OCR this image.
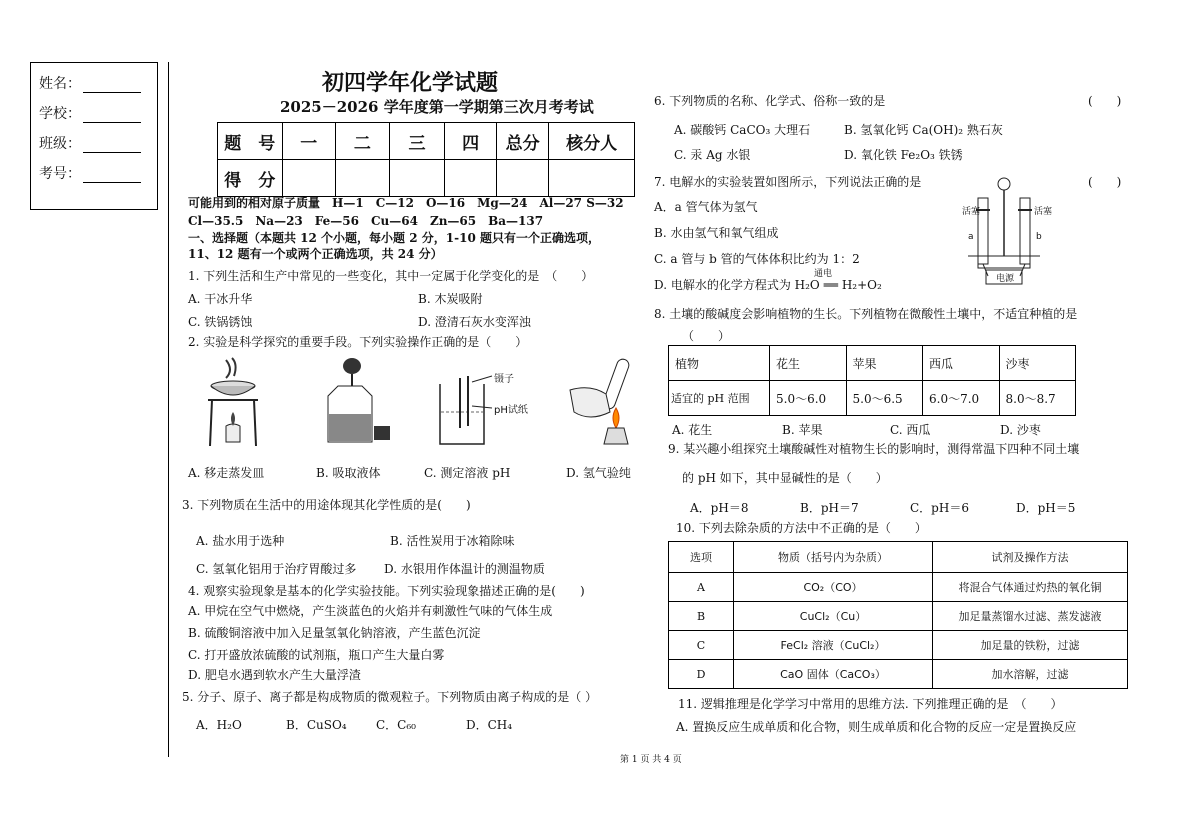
姓名：
学校：
班级：
考号：
初四学年化学试题
2025－2026 学年度第一学期第三次月考考试
题　号	一	二	三	四	总分	核分人
得　分						
可能用到的相对原子质量　H—1　C—12　O—16　Mg—24　Al—27 S—32
Cl—35.5　Na—23　Fe—56　Cu—64　Zn—65　Ba—137
一、选择题（本题共 12 个小题，每小题 2 分，1-10 题只有一个正确选项，
11、12 题有一个或两个正确选项，共 24 分）
1. 下列生活和生产中常见的一些变化，其中一定属于化学变化的是　（　　）
A. 干冰升华	B. 木炭吸附
C. 铁锅锈蚀	D. 澄清石灰水变浑浊
2. 实验是科学探究的重要手段。下列实验操作正确的是（　　）
镊子
pH试纸
A. 移走蒸发皿	B. 吸取液体	C. 测定溶液 pH	D. 氢气验纯
3. 下列物质在生活中的用途体现其化学性质的是(　　)
A. 盐水用于选种	B. 活性炭用于冰箱除味
C. 氢氧化铝用于治疗胃酸过多 D. 水银用作体温计的测温物质
4. 观察实验现象是基本的化学实验技能。下列实验现象描述正确的是(　　)
A. 甲烷在空气中燃烧，产生淡蓝色的火焰并有刺激性气味的气体生成
B. 硫酸铜溶液中加入足量氢氧化钠溶液，产生蓝色沉淀
C. 打开盛放浓硫酸的试剂瓶，瓶口产生大量白雾
D. 肥皂水遇到软水产生大量浮渣
5. 分子、原子、离子都是构成物质的微观粒子。下列物质由离子构成的是（ ）
A．H₂O	B．CuSO₄ C．C₆₀	D．CH₄
6. 下列物质的名称、化学式、俗称一致的是	(　　)
A. 碳酸钙 CaCO₃ 大理石	B. 氢氧化钙 Ca(OH)₂ 熟石灰
C. 汞 Ag 水银	D. 氧化铁 Fe₂O₃ 铁锈
7. 电解水的实验装置如图所示，下列说法正确的是	(　　)
A．a 管气体为氢气
B. 水由氢气和氧气组成
C. a 管与 b 管的气体体积比约为 1：2
D. 电解水的化学方程式为 H₂O ══ H₂+O₂
通电
活塞	活塞
a	b
电源
8. 土壤的酸碱度会影响植物的生长。下列植物在微酸性土壤中，不适宜种植的是
（　　）
植物	花生	苹果	西瓜	沙枣
适宜的 pH 范围	5.0～6.0	5.0～6.5	6.0～7.0	8.0～8.7
A. 花生	B. 苹果	C. 西瓜	D. 沙枣
9. 某兴趣小组探究土壤酸碱性对植物生长的影响时，测得常温下四种不同土壤
的 pH 如下，其中显碱性的是（　　）
A．pH＝8	B．pH＝7	C．pH＝6	D．pH＝5
10. 下列去除杂质的方法中不正确的是（　　）
选项	物质（括号内为杂质）	试剂及操作方法
A	CO₂（CO）	将混合气体通过灼热的氧化铜
B	CuCl₂（Cu）	加足量蒸馏水过滤、蒸发滤液
C	FeCl₂ 溶液（CuCl₂）	加足量的铁粉，过滤
D	CaO 固体（CaCO₃）	加水溶解，过滤
11. 逻辑推理是化学学习中常用的思维方法. 下列推理正确的是　（　　）
A. 置换反应生成单质和化合物，则生成单质和化合物的反应一定是置换反应
第 1 页 共 4 页
